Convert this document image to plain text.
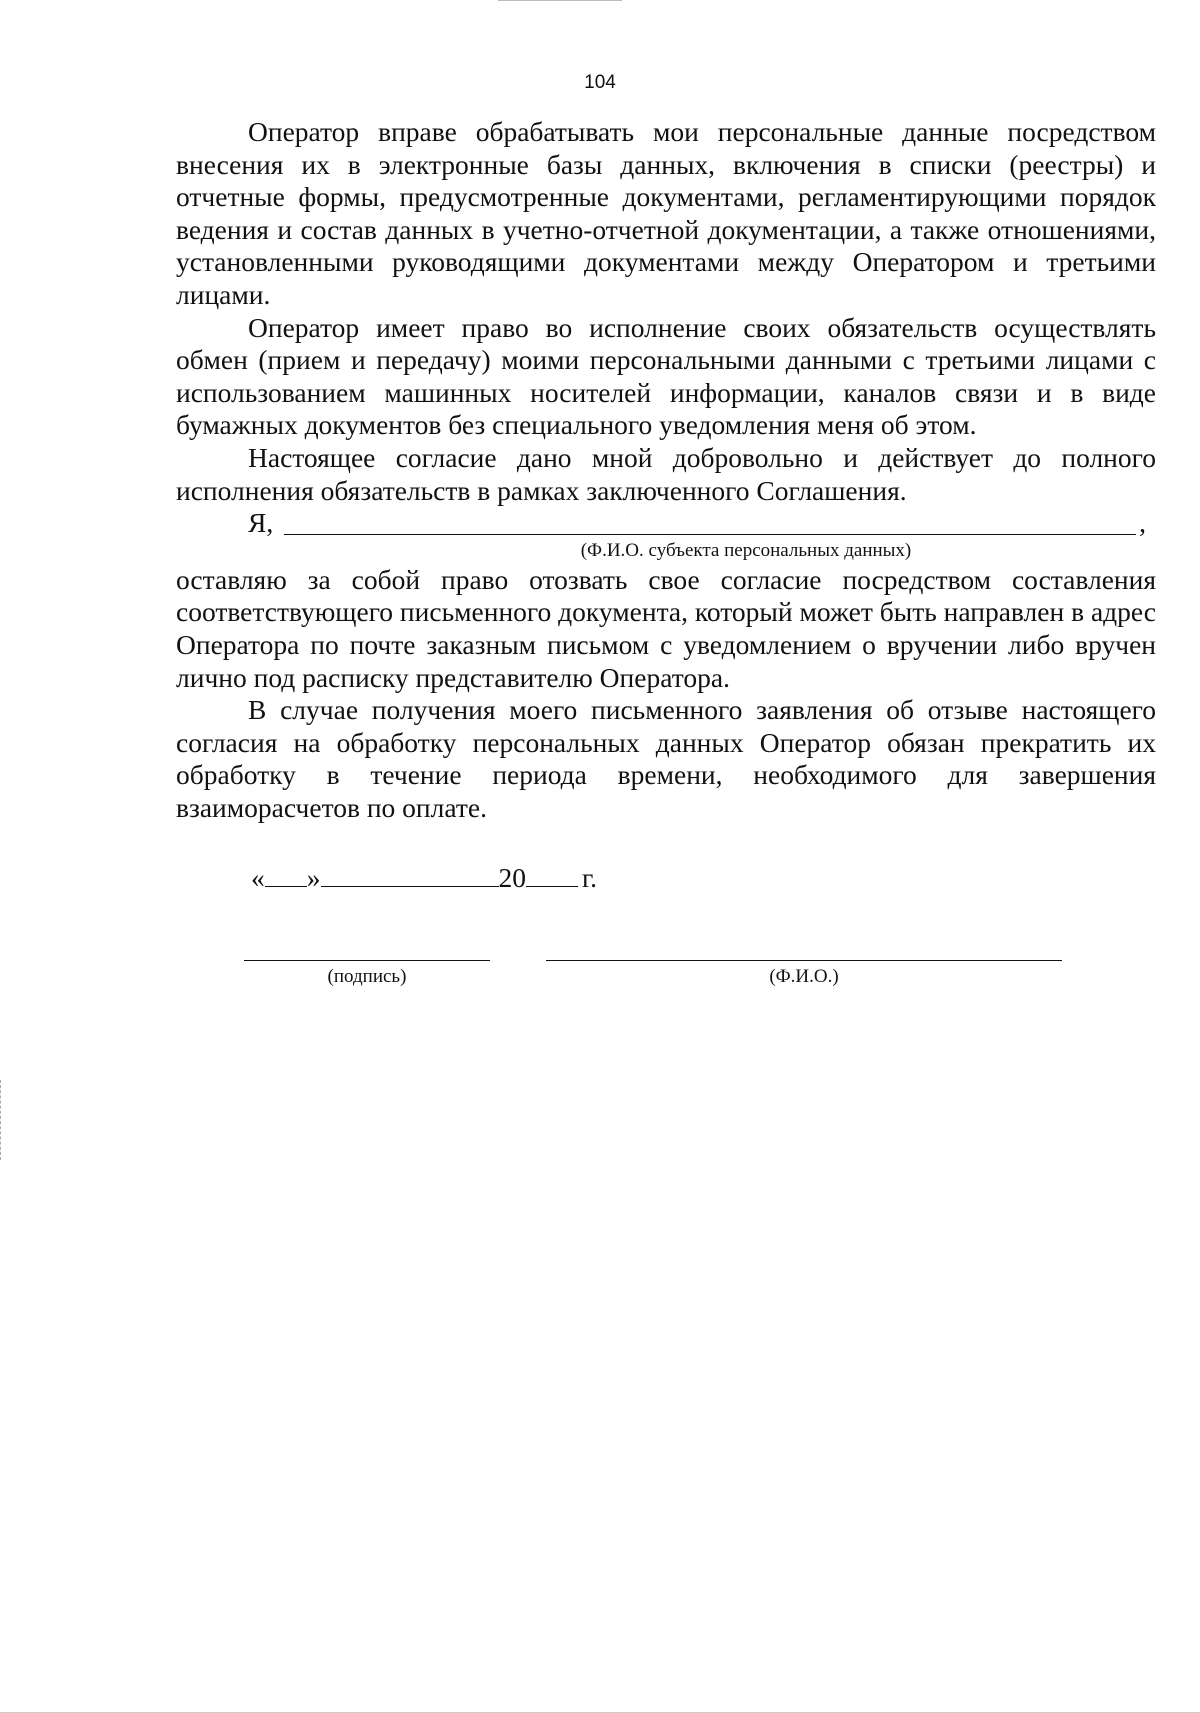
104

Оператор вправе обрабатывать мои персональные данные посредством внесения их в электронные базы данных, включения в списки (реестры) и отчетные формы, предусмотренные документами, регламентирующими порядок ведения и состав данных в учетно-отчетной документации, а также отношениями, установленными руководящими документами между Оператором и третьими лицами.

Оператор имеет право во исполнение своих обязательств осуществлять обмен (прием и передачу) моими персональными данными с третьими лицами с использованием машинных носителей информации, каналов связи и в виде бумажных документов без специального уведомления меня об этом.

Настоящее согласие дано мной добровольно и действует до полного исполнения обязательств в рамках заключенного Соглашения.

Я,	,
(Ф.И.О. субъекта персональных данных)

оставляю за собой право отозвать свое согласие посредством составления соответствующего письменного документа, который может быть направлен в адрес Оператора по почте заказным письмом с уведомлением о вручении либо вручен лично под расписку представителю Оператора.

В случае получения моего письменного заявления об отзыве настоящего согласия на обработку персональных данных Оператор обязан прекратить их обработку в течение периода времени, необходимого для завершения взаиморасчетов по оплате.

« »	20 г.
(подпись)	(Ф.И.О.)
